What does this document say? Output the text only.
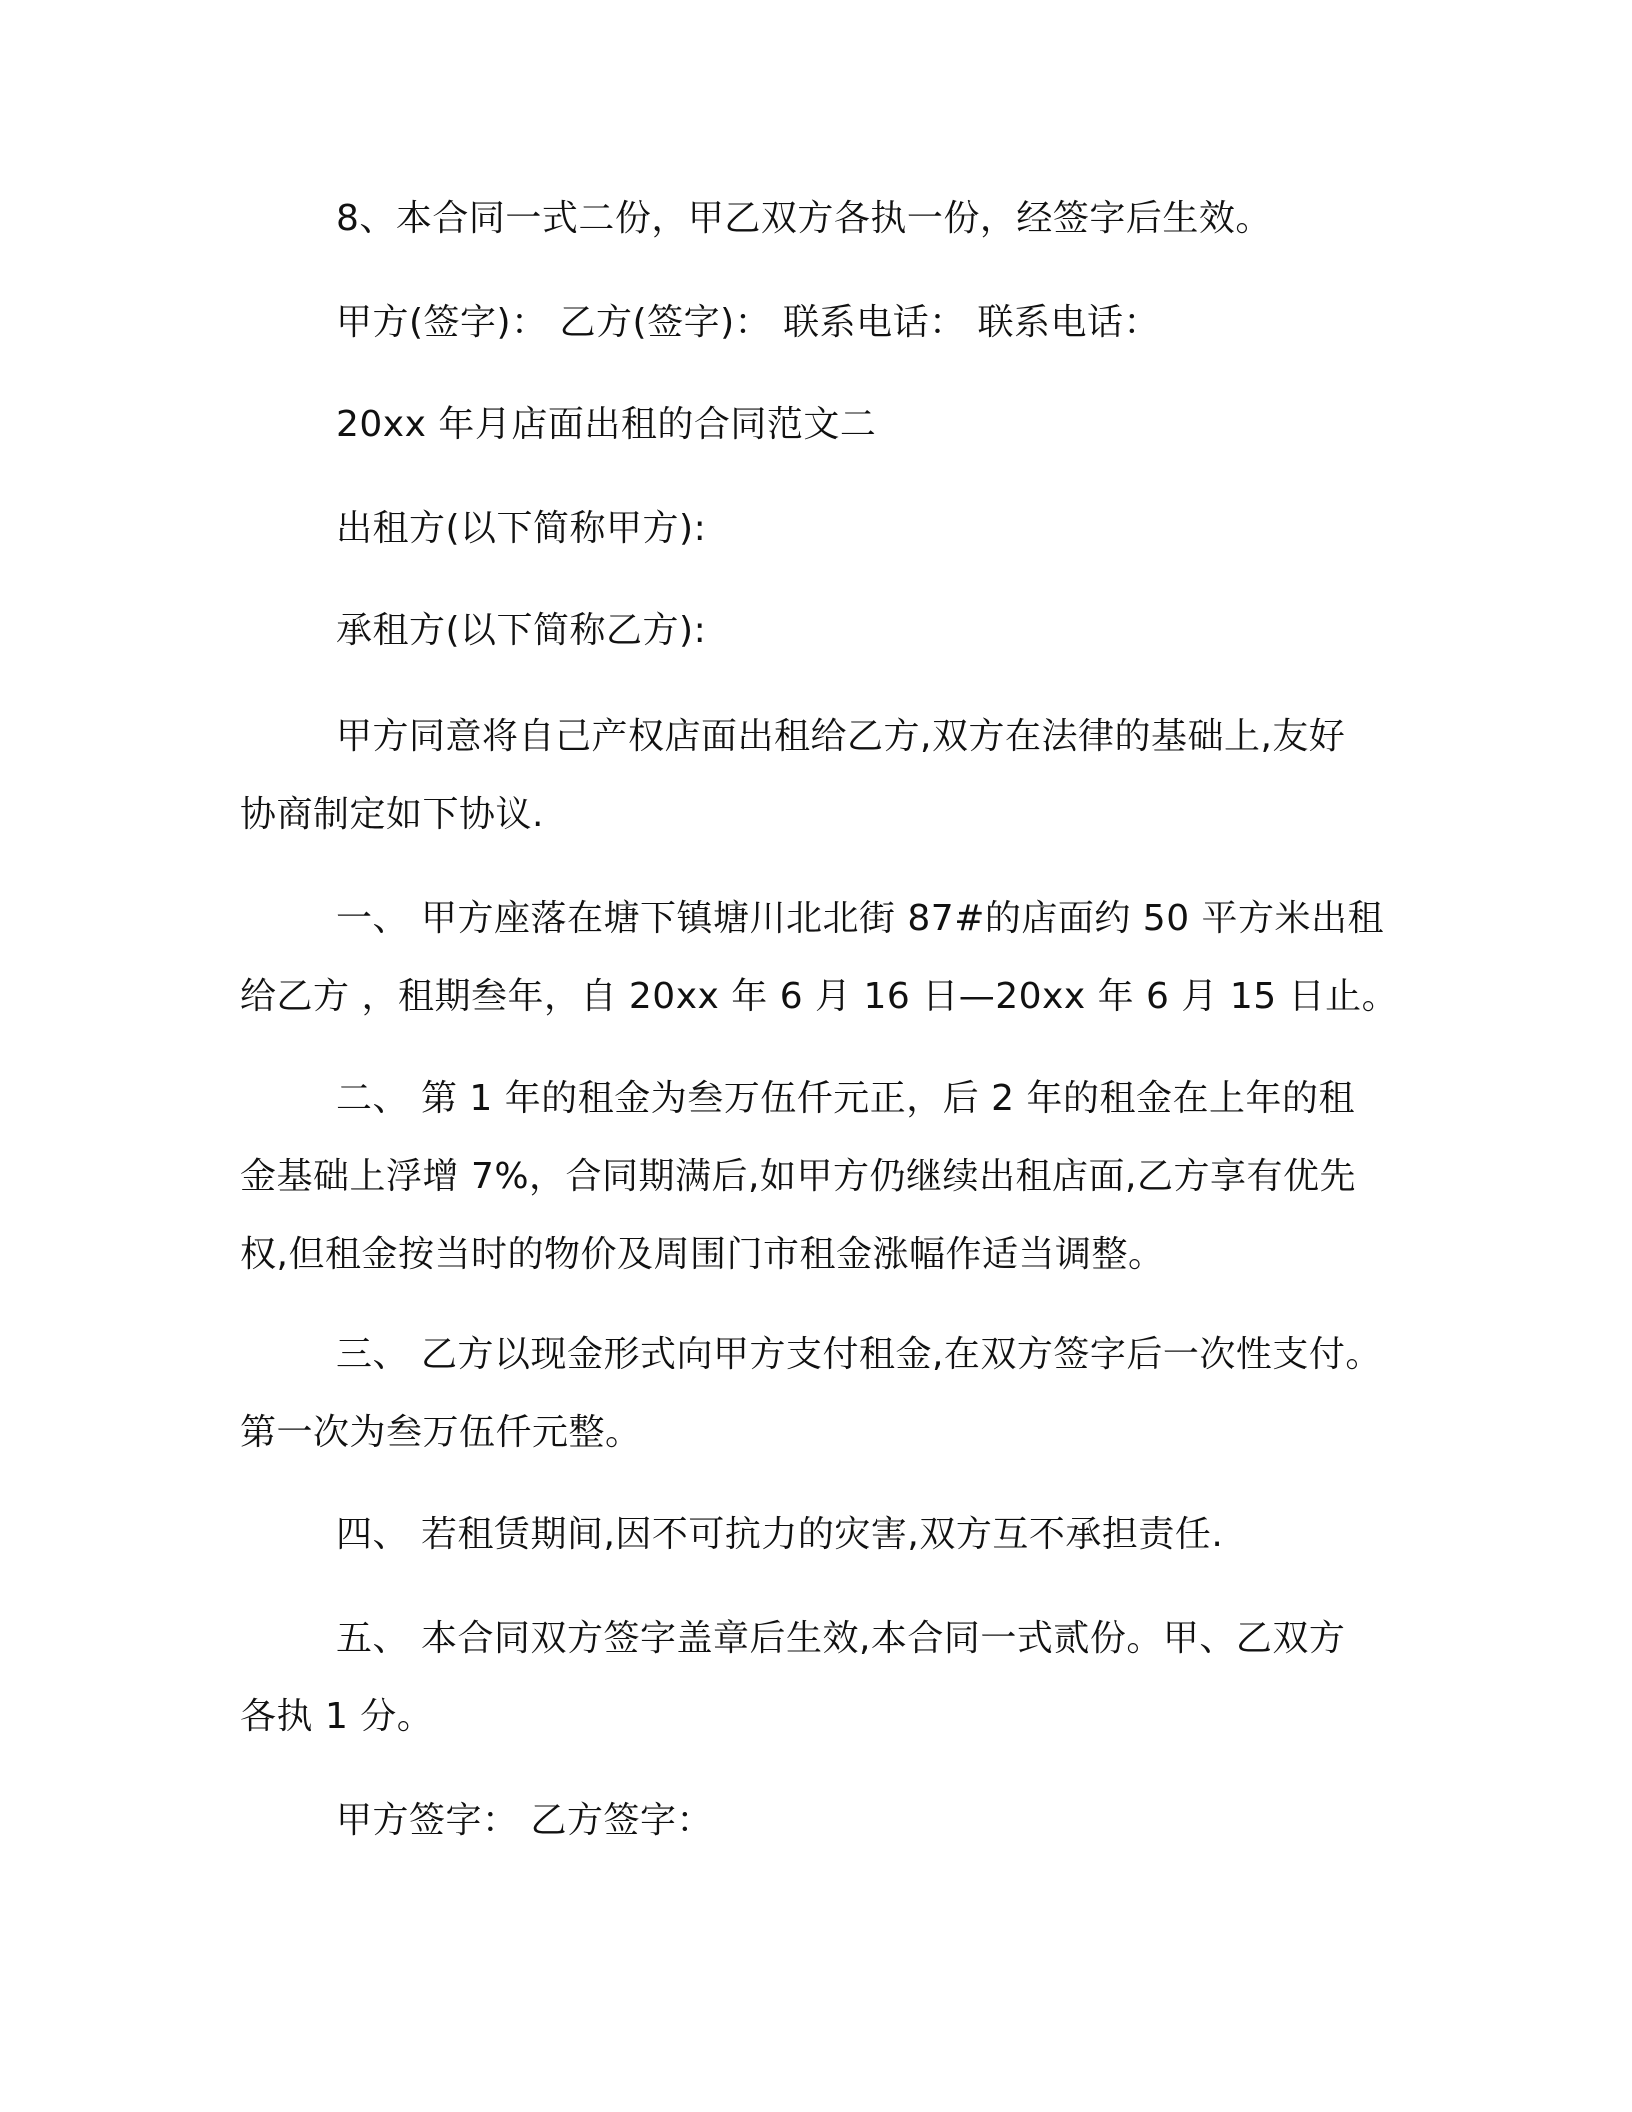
8、本合同一式二份，甲乙双方各执一份，经签字后生效。

甲方(签字)： 乙方(签字)： 联系电话： 联系电话：

20xx 年月店面出租的合同范文二

出租方(以下简称甲方):

承租方(以下简称乙方):

甲方同意将自己产权店面出租给乙方,双方在法律的基础上,友好
协商制定如下协议.

一、 甲方座落在塘下镇塘川北北街 87#的店面约 50 平方米出租
给乙方 ，租期叁年，自 20xx 年 6 月 16 日—20xx 年 6 月 15 日止。

二、 第 1 年的租金为叁万伍仟元正，后 2 年的租金在上年的租
金基础上浮增 7%，合同期满后,如甲方仍继续出租店面,乙方享有优先
权,但租金按当时的物价及周围门市租金涨幅作适当调整。

三、 乙方以现金形式向甲方支付租金,在双方签字后一次性支付。
第一次为叁万伍仟元整。

四、 若租赁期间,因不可抗力的灾害,双方互不承担责任.

五、 本合同双方签字盖章后生效,本合同一式贰份。甲、乙双方
各执 1 分。

甲方签字： 乙方签字：
